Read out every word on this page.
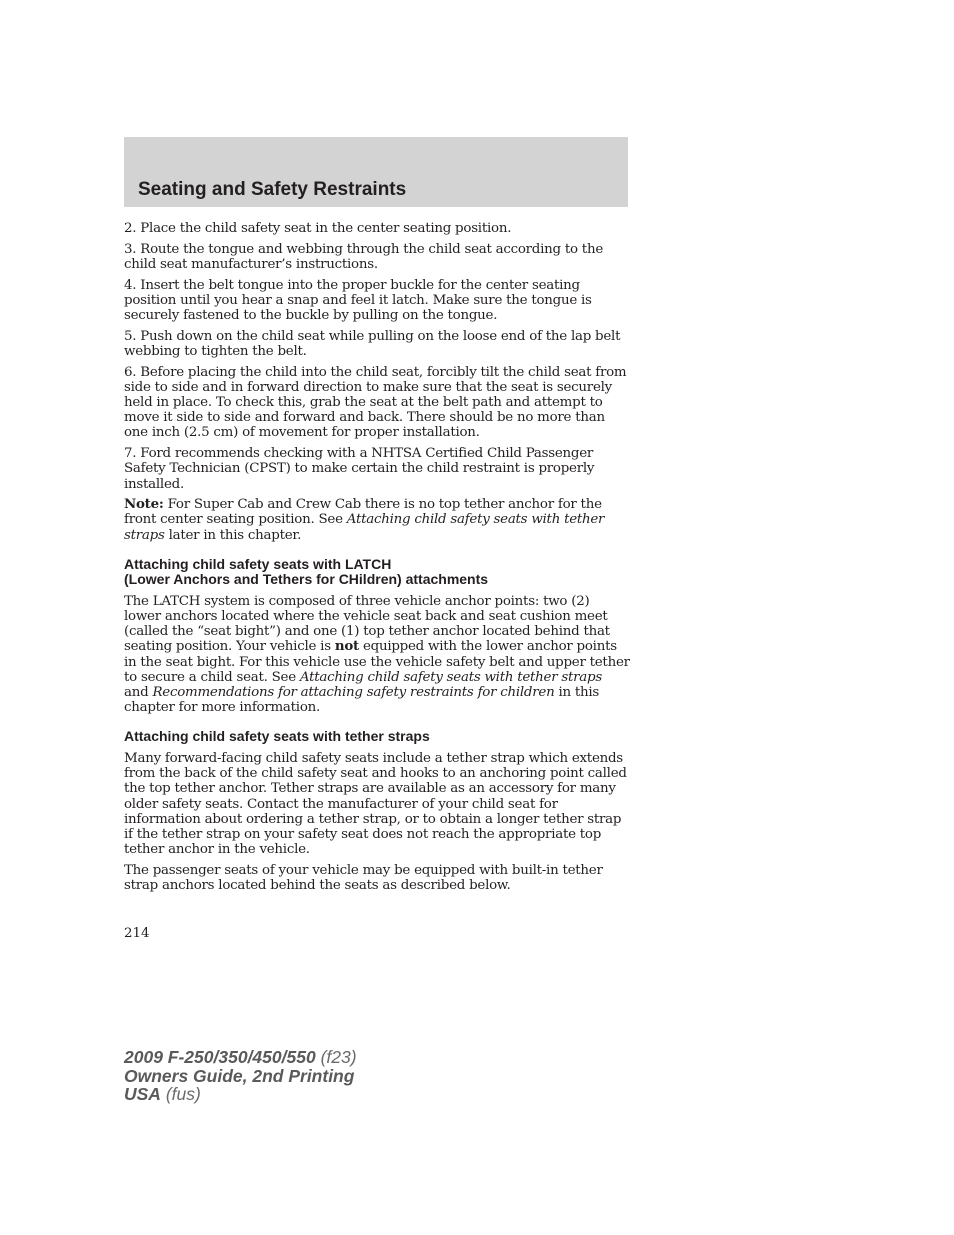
Seating and Safety Restraints

2. Place the child safety seat in the center seating position.

3. Route the tongue and webbing through the child seat according to the child seat manufacturer’s instructions.

4. Insert the belt tongue into the proper buckle for the center seating position until you hear a snap and feel it latch. Make sure the tongue is securely fastened to the buckle by pulling on the tongue.

5. Push down on the child seat while pulling on the loose end of the lap belt webbing to tighten the belt.

6. Before placing the child into the child seat, forcibly tilt the child seat from side to side and in forward direction to make sure that the seat is securely held in place. To check this, grab the seat at the belt path and attempt to move it side to side and forward and back. There should be no more than one inch (2.5 cm) of movement for proper installation.

7. Ford recommends checking with a NHTSA Certified Child Passenger Safety Technician (CPST) to make certain the child restraint is properly installed.

Note: For Super Cab and Crew Cab there is no top tether anchor for the front center seating position. See Attaching child safety seats with tether straps later in this chapter.

Attaching child safety seats with LATCH
(Lower Anchors and Tethers for CHildren) attachments

The LATCH system is composed of three vehicle anchor points: two (2) lower anchors located where the vehicle seat back and seat cushion meet (called the “seat bight”) and one (1) top tether anchor located behind that seating position. Your vehicle is not equipped with the lower anchor points in the seat bight. For this vehicle use the vehicle safety belt and upper tether to secure a child seat. See Attaching child safety seats with tether straps and Recommendations for attaching safety restraints for children in this chapter for more information.

Attaching child safety seats with tether straps

Many forward-facing child safety seats include a tether strap which extends from the back of the child safety seat and hooks to an anchoring point called the top tether anchor. Tether straps are available as an accessory for many older safety seats. Contact the manufacturer of your child seat for information about ordering a tether strap, or to obtain a longer tether strap if the tether strap on your safety seat does not reach the appropriate top tether anchor in the vehicle.

The passenger seats of your vehicle may be equipped with built-in tether strap anchors located behind the seats as described below.

214
2009 F-250/350/450/550 (f23)
Owners Guide, 2nd Printing
USA (fus)
